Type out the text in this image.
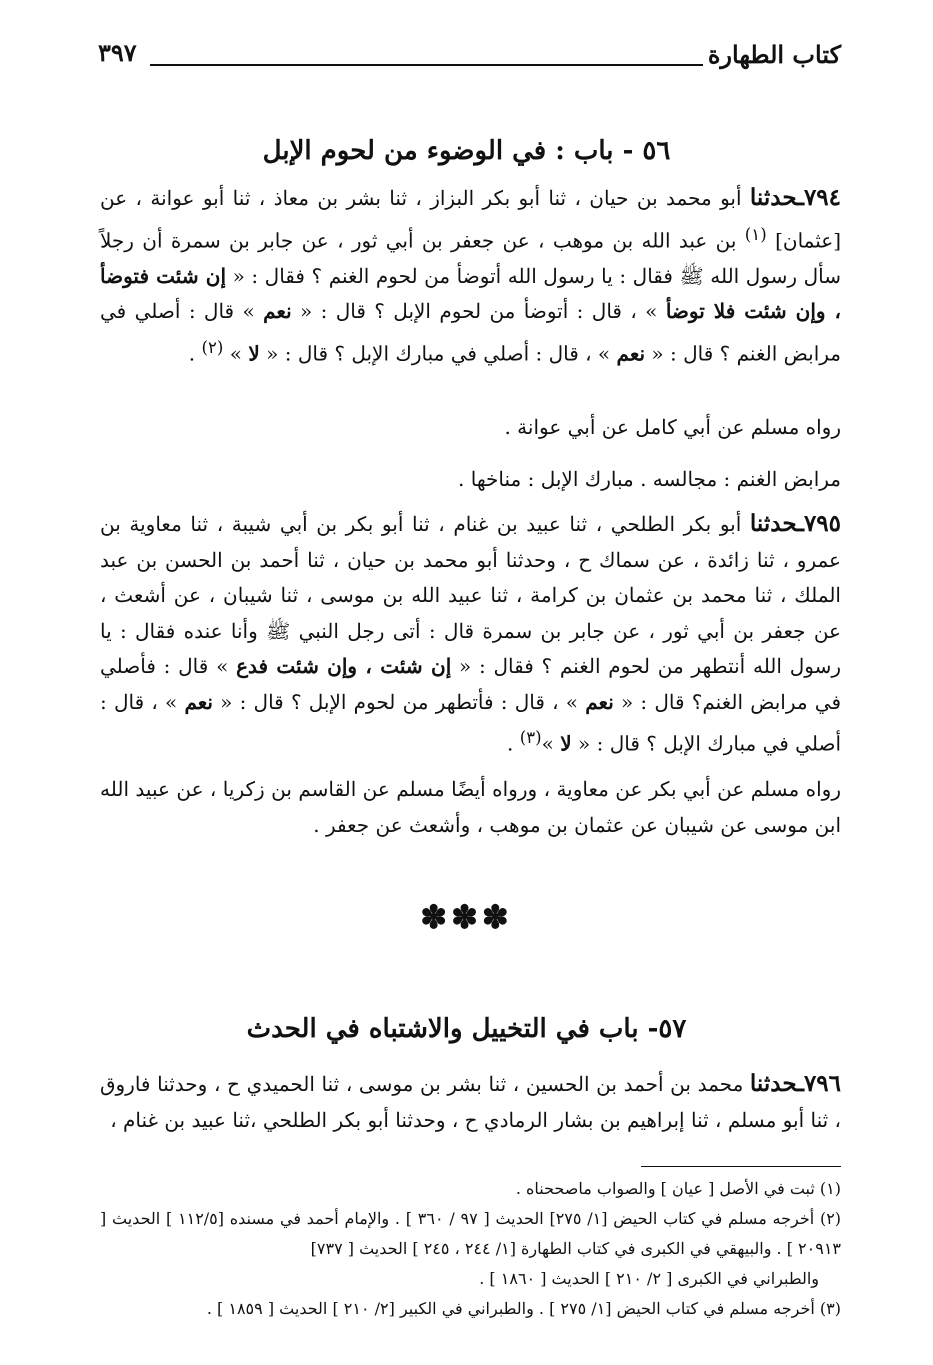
كتاب الطهارة
٣٩٧
٥٦ - باب : في الوضوء من لحوم الإبل

٧٩٤ـحدثنا أبو محمد بن حيان ، ثنا أبو بكر البزاز ، ثنا بشر بن معاذ ، ثنا أبو عوانة ، عن [عثمان] $^{(١)}$ بن عبد الله بن موهب ، عن جعفر بن أبي ثور ، عن جابر بن سمرة أن رجلاً سأل رسول الله ﷺ فقال : يا رسول الله أتوضأ من لحوم الغنم ؟ فقال : « إن شئت فتوضأ ، وإن شئت فلا توضأ » ، قال : أتوضأ من لحوم الإبل ؟ قال : « نعم » قال : أصلي في مرابض الغنم ؟ قال : « نعم » ، قال : أصلي في مبارك الإبل ؟ قال : « لا » $^{(٢)}$ .

رواه مسلم عن أبي كامل عن أبي عوانة .
مرابض الغنم : مجالسه . مبارك الإبل : مناخها .

٧٩٥ـحدثنا أبو بكر الطلحي ، ثنا عبيد بن غنام ، ثنا أبو بكر بن أبي شيبة ، ثنا معاوية بن عمرو ، ثنا زائدة ، عن سماك ح ، وحدثنا أبو محمد بن حيان ، ثنا أحمد بن الحسن بن عبد الملك ، ثنا محمد بن عثمان بن كرامة ، ثنا عبيد الله بن موسى ، ثنا شيبان ، عن أشعث ، عن جعفر بن أبي ثور ، عن جابر بن سمرة قال : أتى رجل النبي ﷺ وأنا عنده فقال : يا رسول الله أنتطهر من لحوم الغنم ؟ فقال : « إن شئت ، وإن شئت فدع » قال : فأصلي في مرابض الغنم؟ قال : « نعم » ، قال : فأتطهر من لحوم الإبل ؟ قال : « نعم » ، قال : أصلي في مبارك الإبل ؟ قال : « لا »$^{(٣)}$ .

رواه مسلم عن أبي بكر عن معاوية ، ورواه أيضًا مسلم عن القاسم بن زكريا ، عن عبيد الله ابن موسى عن شيبان عن عثمان بن موهب ، وأشعث عن جعفر .

✽✽✽
٥٧- باب في التخييل والاشتباه في الحدث

٧٩٦ـحدثنا محمد بن أحمد بن الحسين ، ثنا بشر بن موسى ، ثنا الحميدي ح ، وحدثنا فاروق ، ثنا أبو مسلم ، ثنا إبراهيم بن بشار الرمادي ح ، وحدثنا أبو بكر الطلحي ،ثنا عبيد بن غنام ،

(١) ثبت في الأصل [ عيان ] والصواب ماصححناه .

(٢) أخرجه مسلم في كتاب الحيض [١/ ٢٧٥] الحديث [ ٩٧ / ٣٦٠ ] . والإمام أحمد في مسنده [١١٢/٥ ] الحديث [ ٢٠٩١٣ ] . والبيهقي في الكبرى في كتاب الطهارة [١/ ٢٤٤ ، ٢٤٥ ] الحديث [ ٧٣٧]

والطبراني في الكبرى [ ٢/ ٢١٠ ] الحديث [ ١٨٦٠ ] .

(٣) أخرجه مسلم في كتاب الحيض [١/ ٢٧٥ ] . والطبراني في الكبير [٢/ ٢١٠ ] الحديث [ ١٨٥٩ ] .
